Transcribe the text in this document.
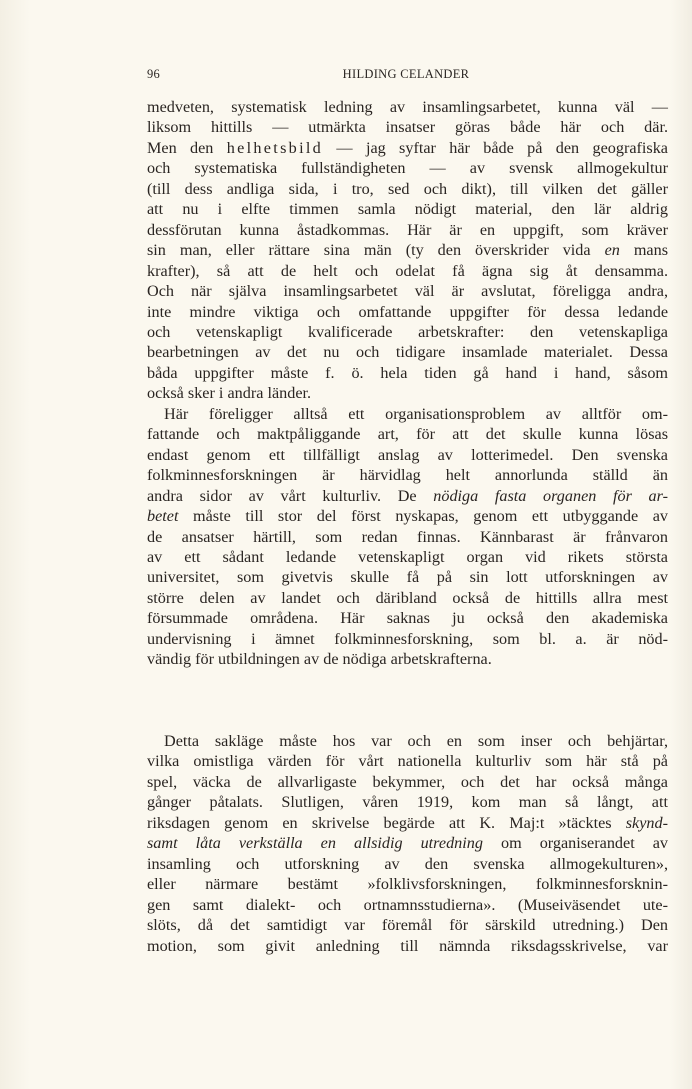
96	HILDING CELANDER
medveten, systematisk ledning av insamlingsarbetet, kunna väl —
liksom hittills — utmärkta insatser göras både här och där.
Men den helhetsbild — jag syftar här både på den geografiska
och systematiska fullständigheten — av svensk allmogekultur
(till dess andliga sida, i tro, sed och dikt), till vilken det gäller
att nu i elfte timmen samla nödigt material, den lär aldrig
dessförutan kunna åstadkommas. Här är en uppgift, som kräver
sin man, eller rättare sina män (ty den överskrider vida en mans
krafter), så att de helt och odelat få ägna sig åt densamma.
Och när själva insamlingsarbetet väl är avslutat, föreligga andra,
inte mindre viktiga och omfattande uppgifter för dessa ledande
och vetenskapligt kvalificerade arbetskrafter: den vetenskapliga
bearbetningen av det nu och tidigare insamlade materialet. Dessa
båda uppgifter måste f. ö. hela tiden gå hand i hand, såsom
också sker i andra länder.
Här föreligger alltså ett organisationsproblem av alltför om-
fattande och maktpåliggande art, för att det skulle kunna lösas
endast genom ett tillfälligt anslag av lotterimedel. Den svenska
folkminnesforskningen är härvidlag helt annorlunda ställd än
andra sidor av vårt kulturliv. De nödiga fasta organen för ar-
betet måste till stor del först nyskapas, genom ett utbyggande av
de ansatser härtill, som redan finnas. Kännbarast är frånvaron
av ett sådant ledande vetenskapligt organ vid rikets största
universitet, som givetvis skulle få på sin lott utforskningen av
större delen av landet och däribland också de hittills allra mest
försummade områdena. Här saknas ju också den akademiska
undervisning i ämnet folkminnesforskning, som bl. a. är nöd-
vändig för utbildningen av de nödiga arbetskrafterna.
Detta sakläge måste hos var och en som inser och behjärtar,
vilka omistliga värden för vårt nationella kulturliv som här stå på
spel, väcka de allvarligaste bekymmer, och det har också många
gånger påtalats. Slutligen, våren 1919, kom man så långt, att
riksdagen genom en skrivelse begärde att K. Maj:t »täcktes skynd-
samt låta verkställa en allsidig utredning om organiserandet av
insamling och utforskning av den svenska allmogekulturen»,
eller närmare bestämt »folklivsforskningen, folkminnesforsknin-
gen samt dialekt- och ortnamnsstudierna». (Museiväsendet ute-
slöts, då det samtidigt var föremål för särskild utredning.) Den
motion, som givit anledning till nämnda riksdagsskrivelse, var
